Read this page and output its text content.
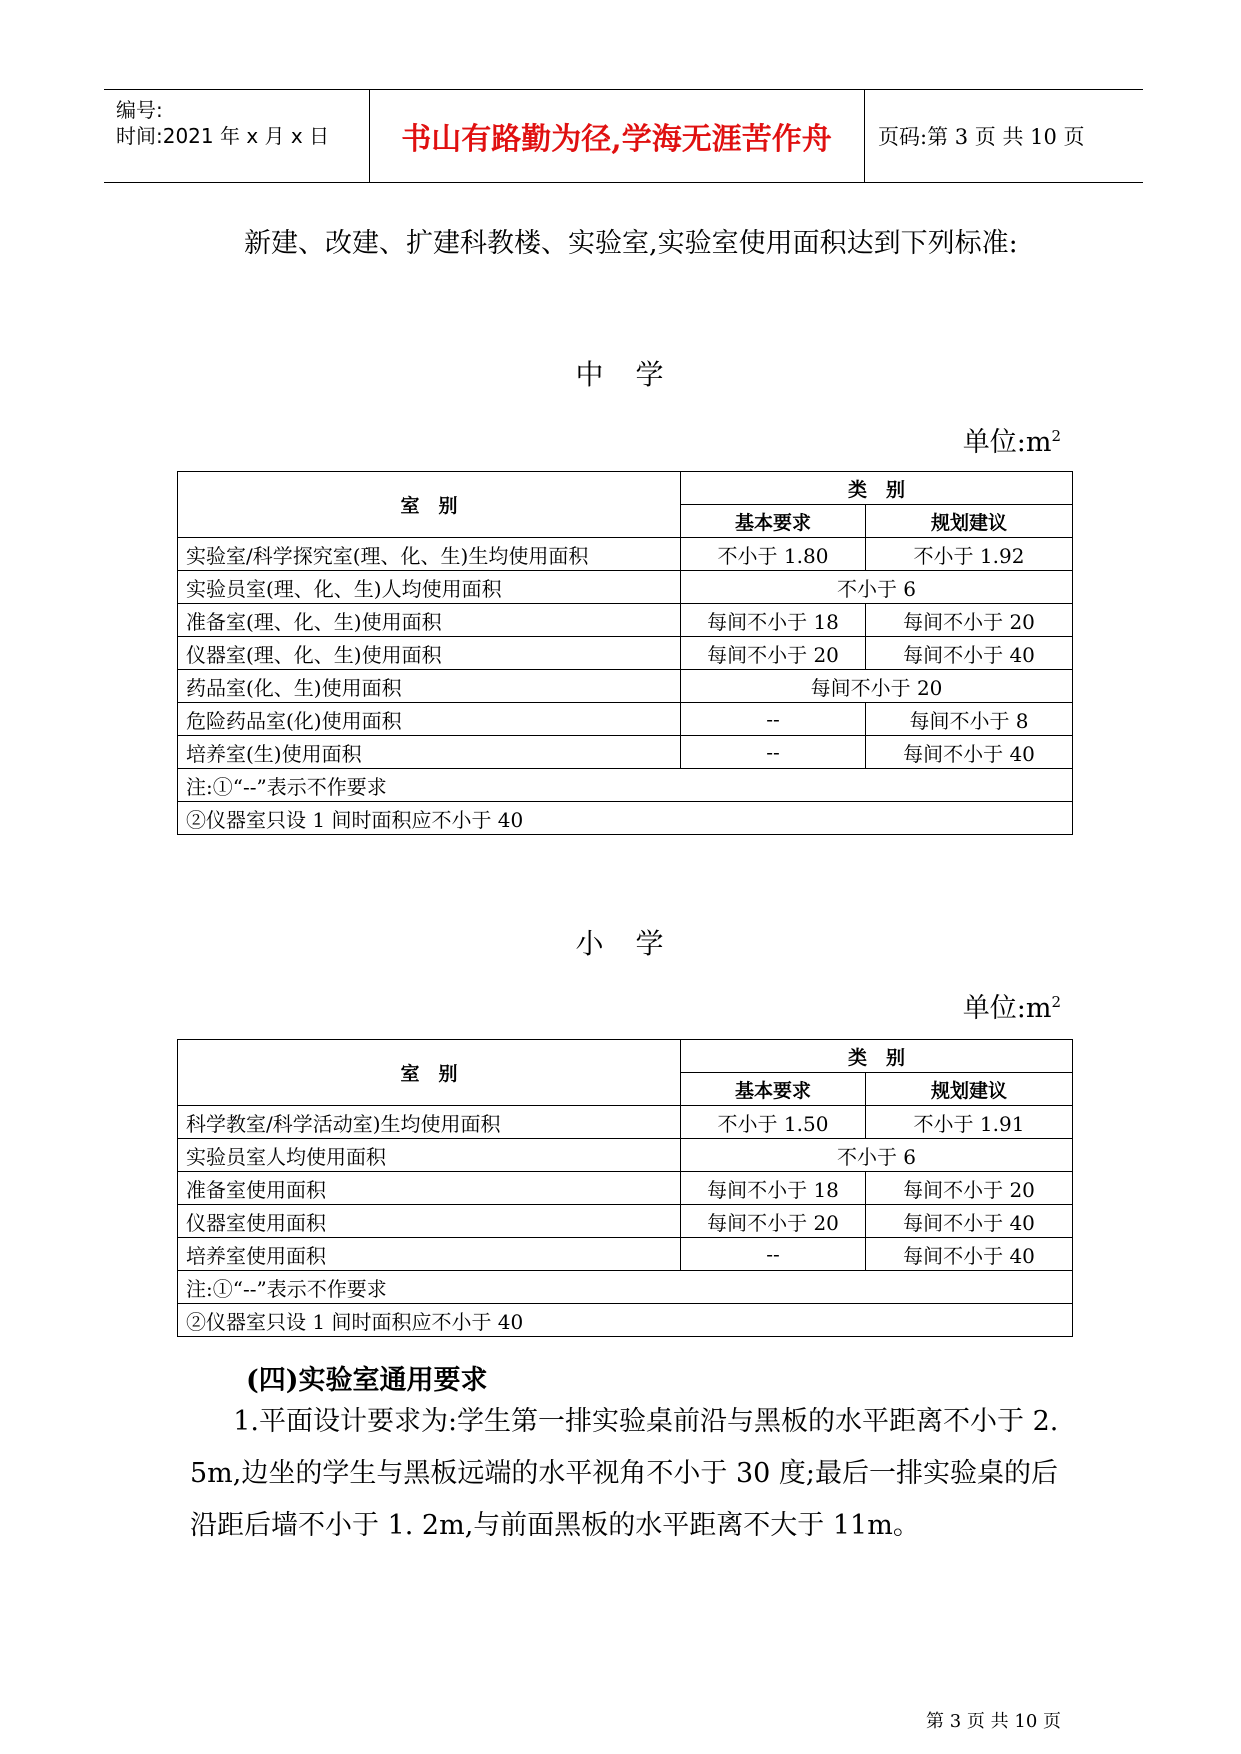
编号:
时间:2021 年 x 月 x 日	书山有路勤为径,学海无涯苦作舟	页码:第 3 页 共 10 页
新建、改建、扩建科教楼、实验室,实验室使用面积达到下列标准:
中　学
单位$:m^2$
室　别	类　别	
	基本要求	规划建议
实验室/科学探究室(理、化、生)生均使用面积	不小于 1.80	不小于 1.92
实验员室(理、化、生)人均使用面积	不小于 6	
准备室(理、化、生)使用面积	每间不小于 18	每间不小于 20
仪器室(理、化、生)使用面积	每间不小于 20	每间不小于 40
药品室(化、生)使用面积	每间不小于 20	
危险药品室(化)使用面积	--	每间不小于 8
培养室(生)使用面积	--	每间不小于 40
注:①“--”表示不作要求		
②仪器室只设 1 间时面积应不小于 40		
小　学
单位$:m^2$
室　别	类　别	
	基本要求	规划建议
科学教室/科学活动室)生均使用面积	不小于 1.50	不小于 1.91
实验员室人均使用面积	不小于 6	
准备室使用面积	每间不小于 18	每间不小于 20
仪器室使用面积	每间不小于 20	每间不小于 40
培养室使用面积	--	每间不小于 40
注:①“--”表示不作要求		
②仪器室只设 1 间时面积应不小于 40		
(四)实验室通用要求
1.平面设计要求为:学生第一排实验桌前沿与黑板的水平距离不小于 2. 5m,边坐的学生与黑板远端的水平视角不小于 30 度;最后一排实验桌的后沿距后墙不小于 1. 2m,与前面黑板的水平距离不大于 11m。
第 3 页 共 10 页
